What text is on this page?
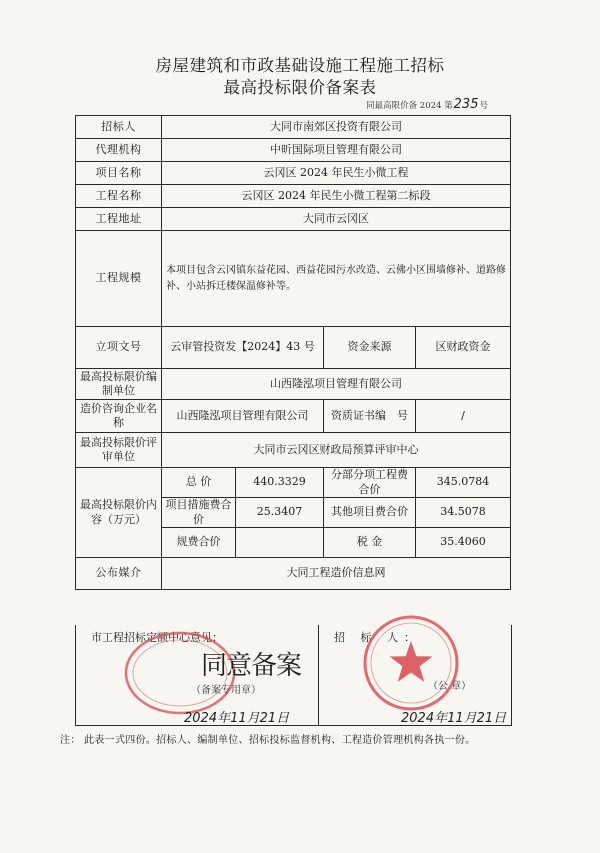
房屋建筑和市政基础设施工程施工招标
最高投标限价备案表
同最高限价备 2024 第235号
招标人	大同市南郊区投资有限公司			
代理机构	中昕国际项目管理有限公司			
项目名称	云冈区 2024 年民生小微工程			
工程名称	云冈区 2024 年民生小微工程第二标段			
工程地址	大同市云冈区			
工程规模	本项目包含云冈镇东益花园、西益花园污水改造、云佛小区围墙修补、道路修补、小站拆迁楼保温修补等。			
立项文号	云审管投资发【2024】43 号		资金来源	区财政资金
最高投标限价编制单位	山西隆泓项目管理有限公司			
造价咨询企业名称	山西隆泓项目管理有限公司		资质证书编　号	/
最高投标限价评审单位	大同市云冈区财政局预算评审中心			
最高投标限价内容（万元）	总 价	440.3329	分部分项工程费合价	345.0784
	项目措施费合 价	25.3407	其他项目费合价	34.5078
	规费合价		税 金	35.4060
公布媒介	大同工程造价信息网			
市工程招标定额中心意见：	招 标 人：
同意备案
（备案专用章）
2024年11月21日
（公 章）
2024年11月21日
注： 此表一式四份。招标人、编制单位、招标投标监督机构、工程造价管理机构各执一份。
